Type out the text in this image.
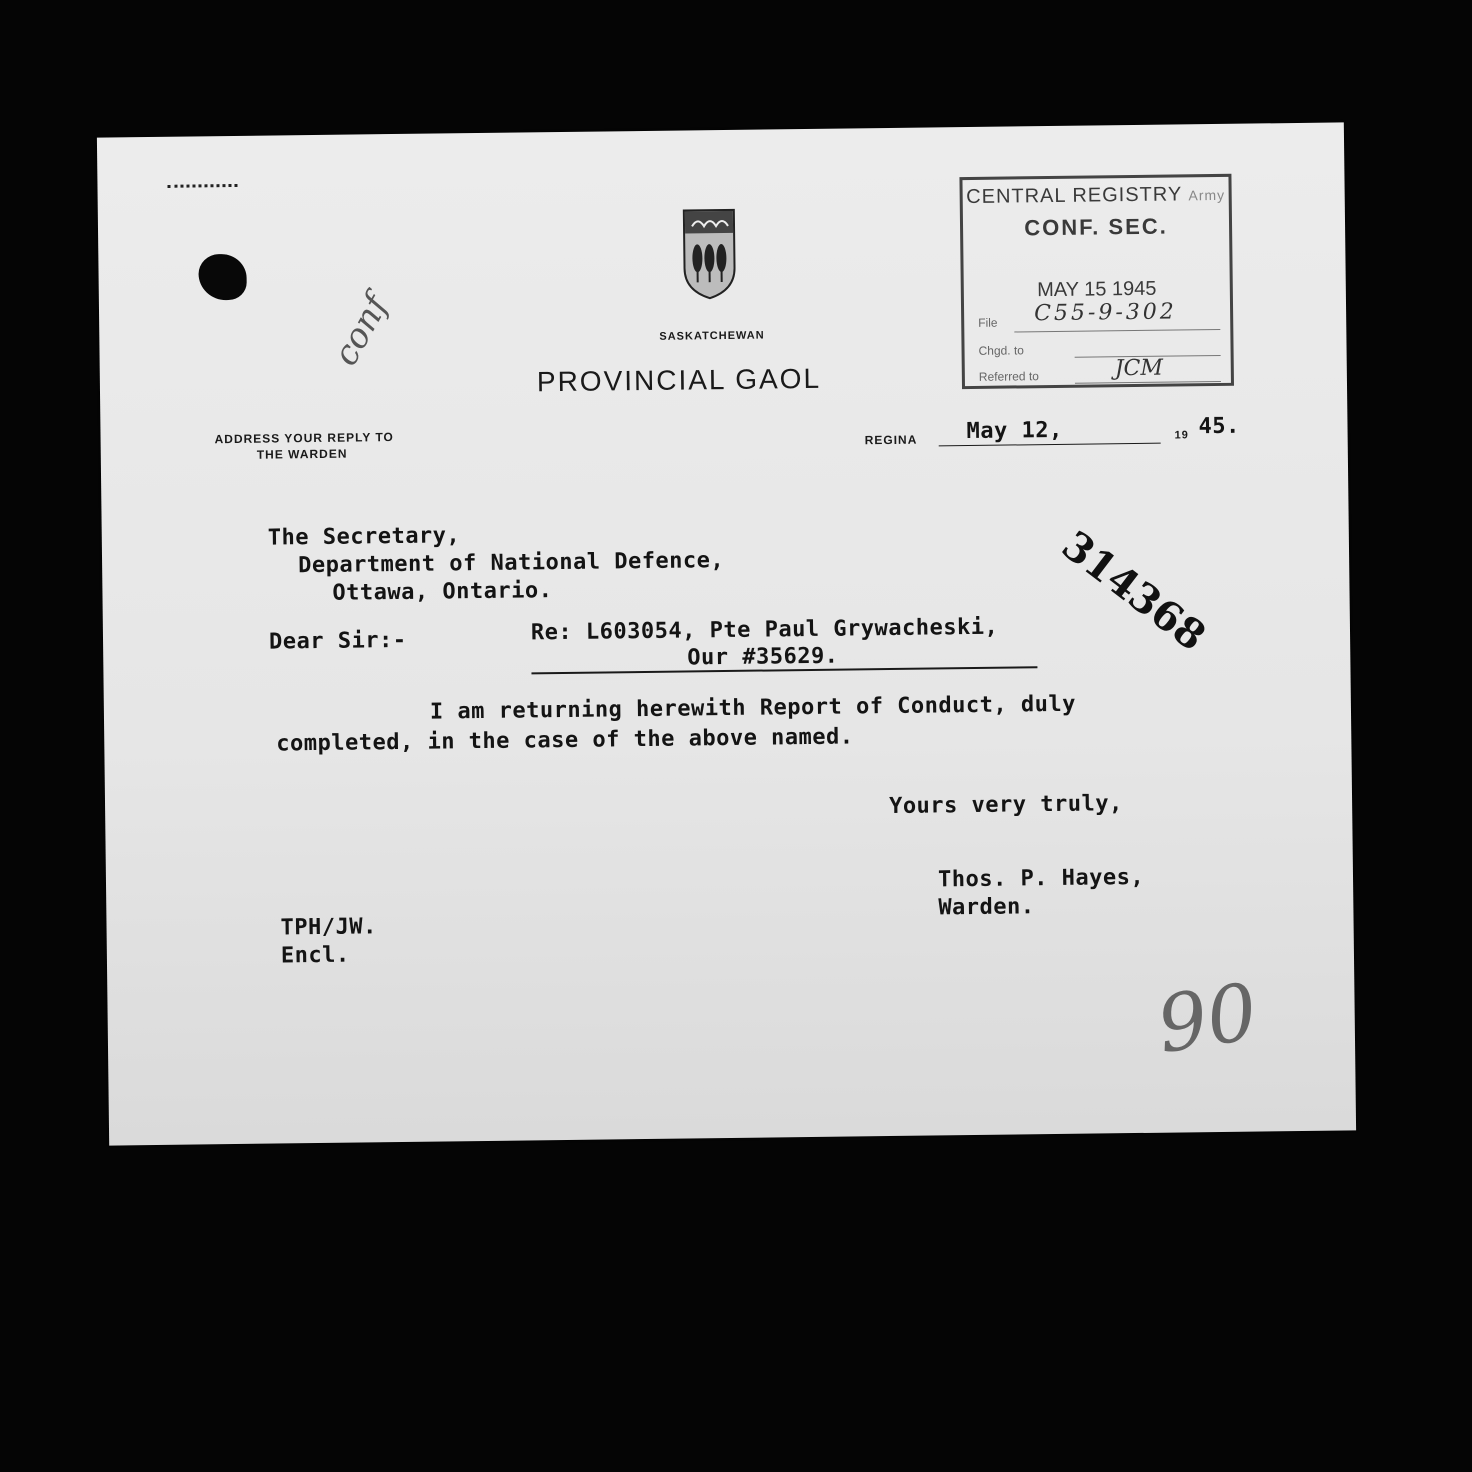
SASKATCHEWAN
PROVINCIAL GAOL
ADDRESS YOUR REPLY TO
THE WARDEN
conf
REGINA May 12,	19 45.
CENTRAL REGISTRY Army
CONF. SEC.
MAY 15 1945
File C55-9-302
Chgd. to
Referred to	JCM
The Secretary,
Department of National Defence,
Ottawa, Ontario.	314368
Dear Sir:-	Re: L603054, Pte Paul Grywacheski,
Our #35629.
I am returning herewith Report of Conduct, duly
completed, in the case of the above named.
Yours very truly,
Thos. P. Hayes,
Warden.
TPH/JW.
Encl.
90
